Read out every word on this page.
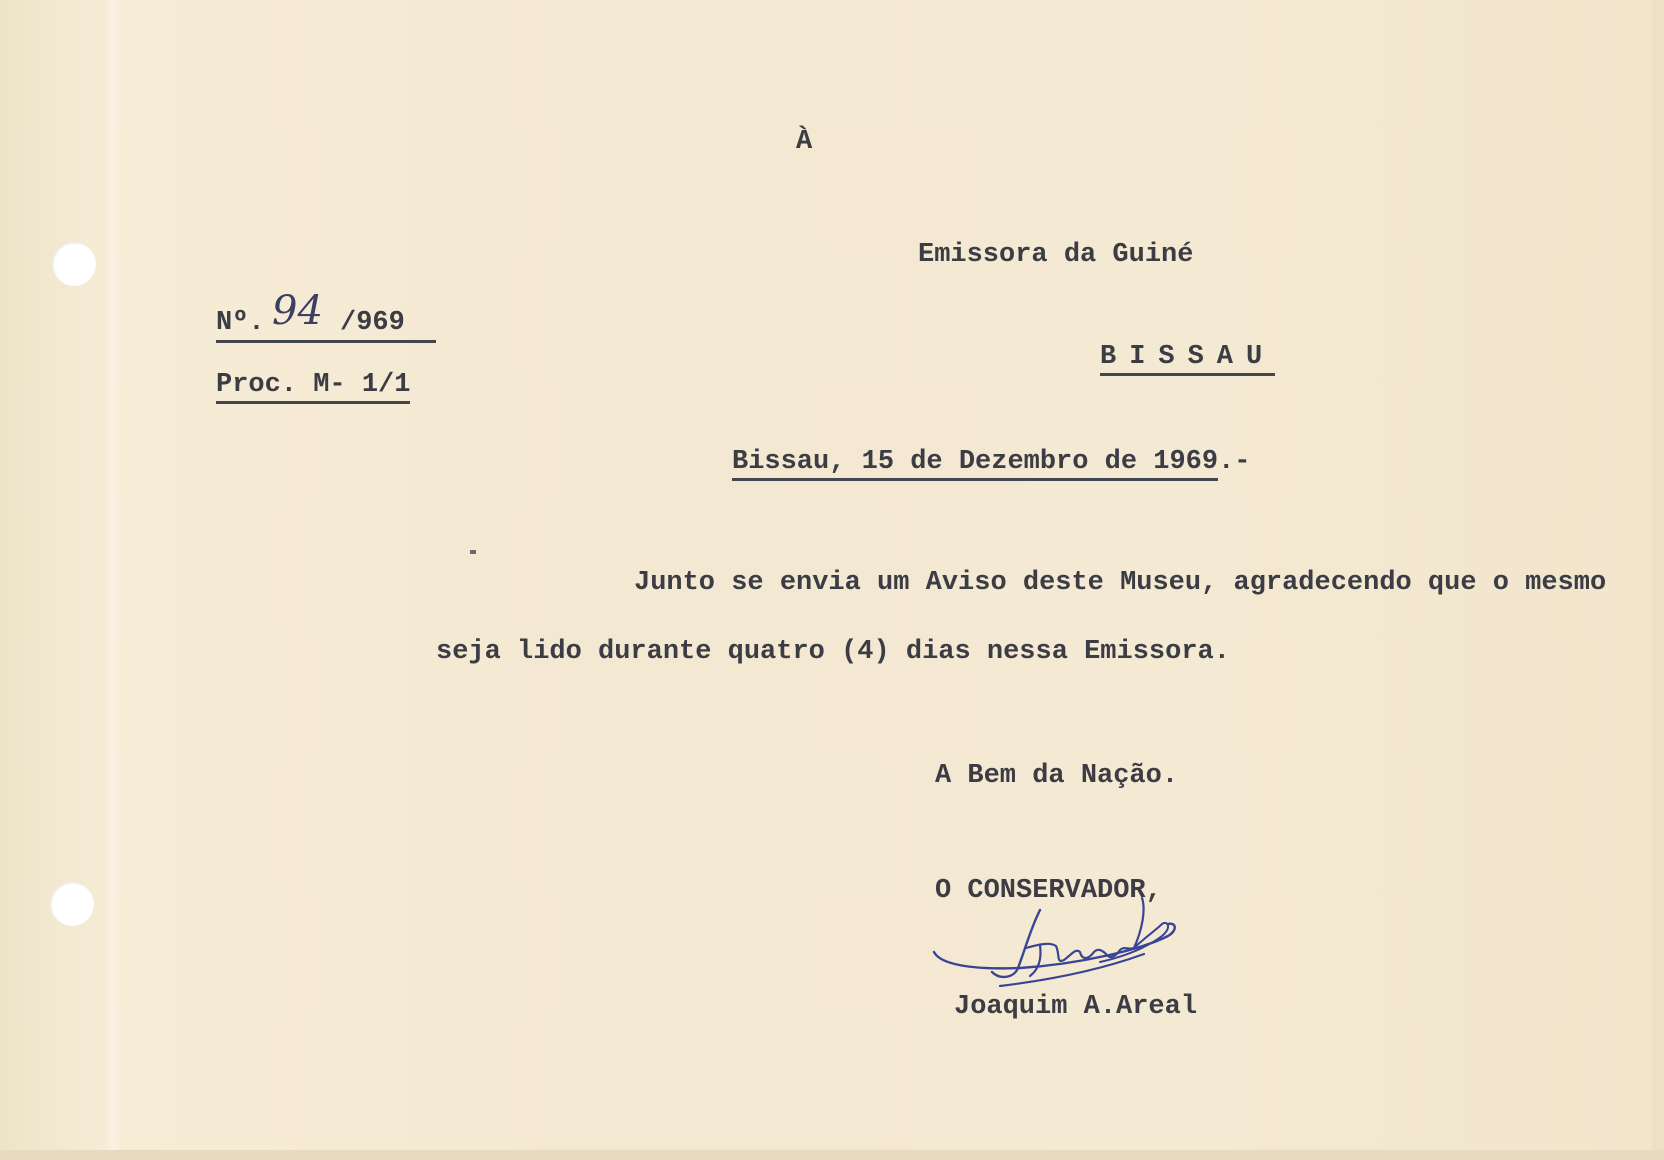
À
Emissora da Guiné
BISSAU
Nº. 94 /969
Proc. M- 1/1
Bissau, 15 de Dezembro de 1969.-
Junto se envia um Aviso deste Museu, agradecendo que o mesmo
seja lido durante quatro (4) dias nessa Emissora.
A Bem da Nação.
O CONSERVADOR,
Joaquim A.Areal
